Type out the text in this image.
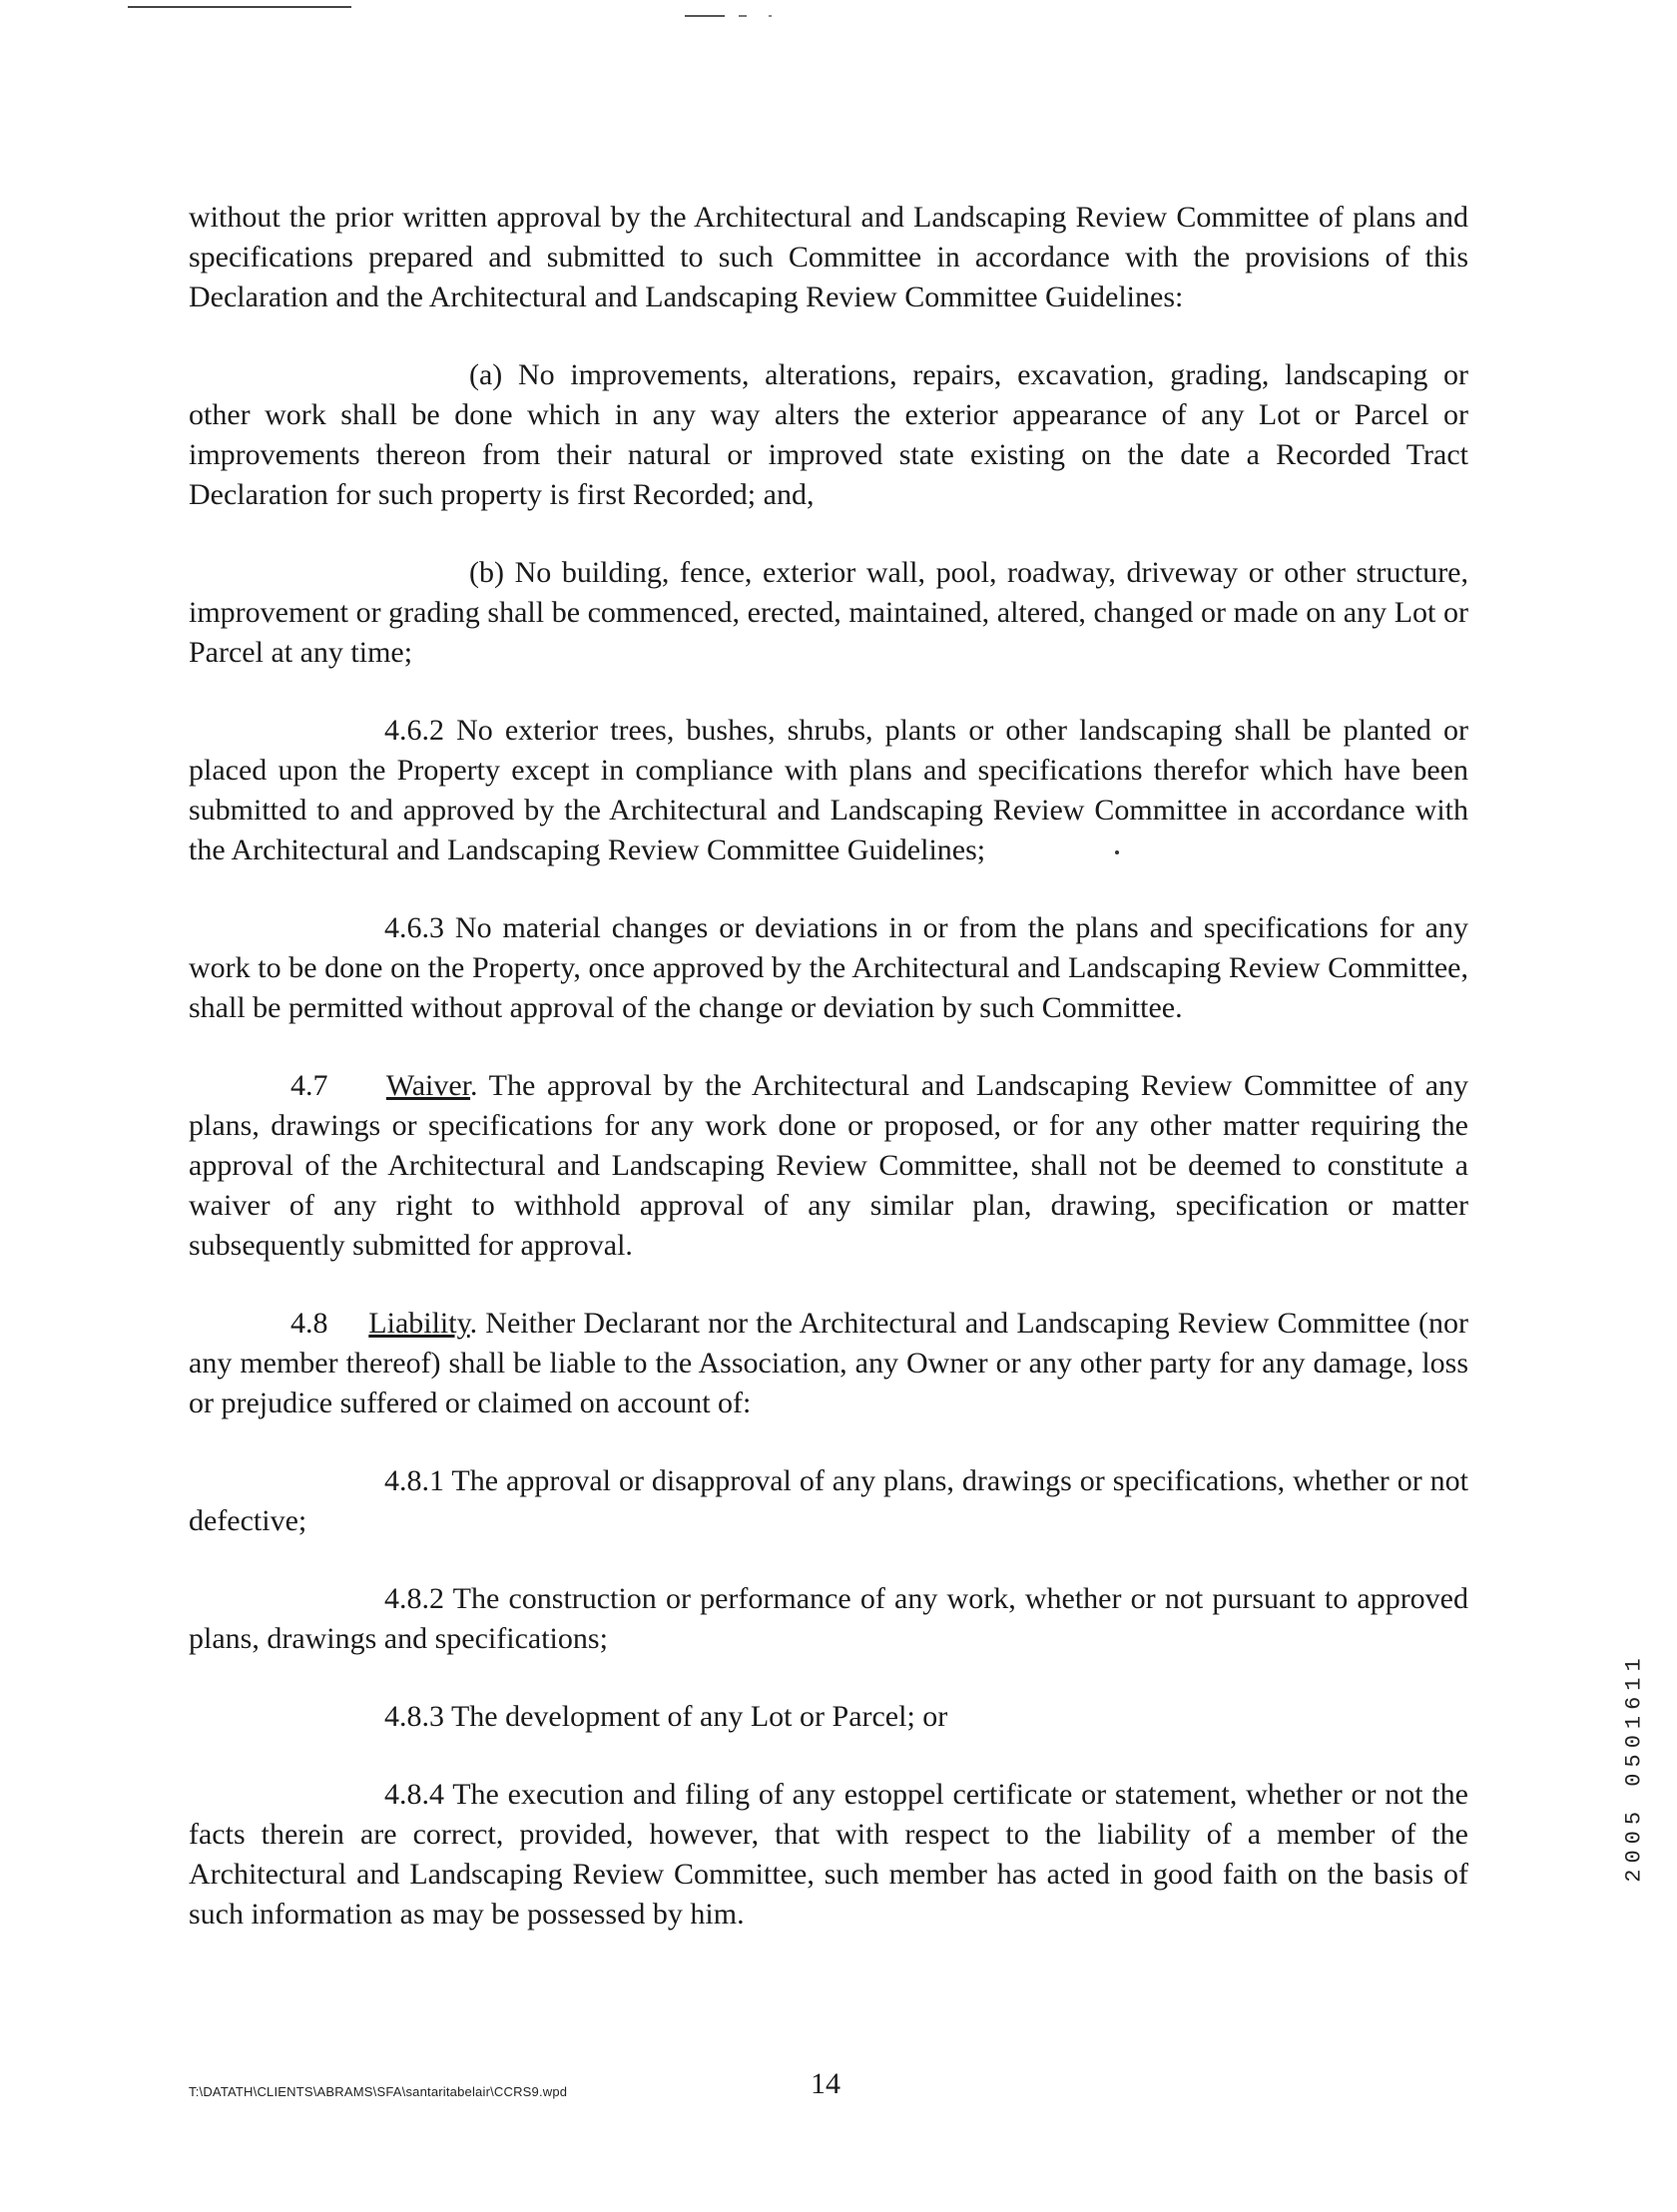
without the prior written approval by the Architectural and Landscaping Review Committee of plans and specifications prepared and submitted to such Committee in accordance with the provisions of this Declaration and the Architectural and Landscaping Review Committee Guidelines:

(a) No improvements, alterations, repairs, excavation, grading, landscaping or other work shall be done which in any way alters the exterior appearance of any Lot or Parcel or improvements thereon from their natural or improved state existing on the date a Recorded Tract Declaration for such property is first Recorded; and,

(b) No building, fence, exterior wall, pool, roadway, driveway or other structure, improvement or grading shall be commenced, erected, maintained, altered, changed or made on any Lot or Parcel at any time;

4.6.2 No exterior trees, bushes, shrubs, plants or other landscaping shall be planted or placed upon the Property except in compliance with plans and specifications therefor which have been submitted to and approved by the Architectural and Landscaping Review Committee in accordance with the Architectural and Landscaping Review Committee Guidelines;

4.6.3 No material changes or deviations in or from the plans and specifications for any work to be done on the Property, once approved by the Architectural and Landscaping Review Committee, shall be permitted without approval of the change or deviation by such Committee.

4.7 Waiver. The approval by the Architectural and Landscaping Review Committee of any plans, drawings or specifications for any work done or proposed, or for any other matter requiring the approval of the Architectural and Landscaping Review Committee, shall not be deemed to constitute a waiver of any right to withhold approval of any similar plan, drawing, specification or matter subsequently submitted for approval.

4.8 Liability. Neither Declarant nor the Architectural and Landscaping Review Committee (nor any member thereof) shall be liable to the Association, any Owner or any other party for any damage, loss or prejudice suffered or claimed on account of:

4.8.1 The approval or disapproval of any plans, drawings or specifications, whether or not defective;

4.8.2 The construction or performance of any work, whether or not pursuant to approved plans, drawings and specifications;

4.8.3 The development of any Lot or Parcel; or

4.8.4 The execution and filing of any estoppel certificate or statement, whether or not the facts therein are correct, provided, however, that with respect to the liability of a member of the Architectural and Landscaping Review Committee, such member has acted in good faith on the basis of such information as may be possessed by him.

T:\DATATH\CLIENTS\ABRAMS\SFA\santaritabelair\CCRS9.wpd	14
2005 0501611
